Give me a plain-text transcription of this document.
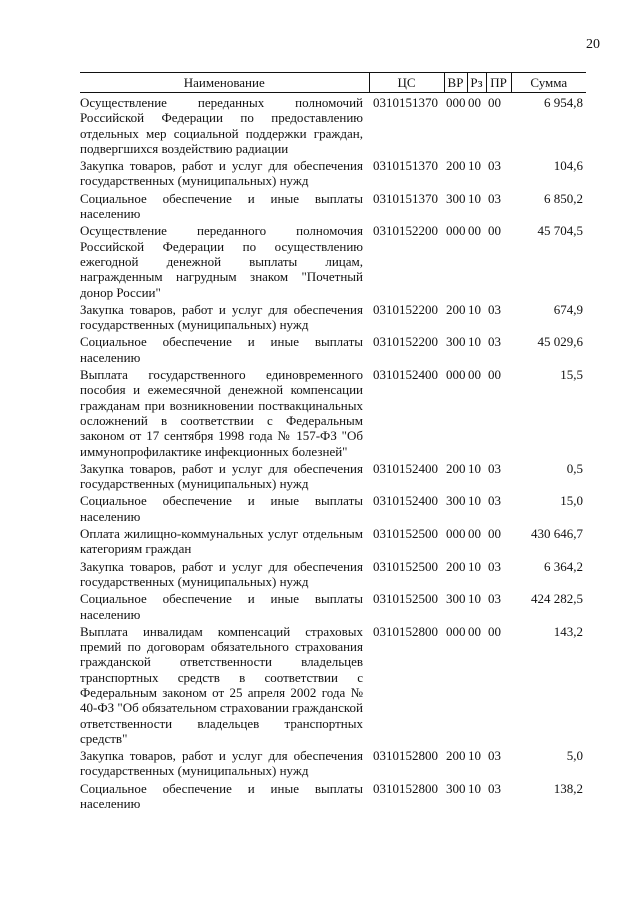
20
Наименование	ЦС	ВР	Рз	ПР	Сумма
Осуществление переданных полномочий Российской Федерации по предоставлению отдельных мер социальной поддержки граждан, подвергшихся воздействию радиации	0310151370	000	00	00	6 954,8
Закупка товаров, работ и услуг для обеспечения государственных (муниципальных) нужд	0310151370	200	10	03	104,6
Социальное обеспечение и иные выплаты населению	0310151370	300	10	03	6 850,2
Осуществление переданного полномочия Российской Федерации по осуществлению ежегодной денежной выплаты лицам, награжденным нагрудным знаком "Почетный донор России"	0310152200	000	00	00	45 704,5
Закупка товаров, работ и услуг для обеспечения государственных (муниципальных) нужд	0310152200	200	10	03	674,9
Социальное обеспечение и иные выплаты населению	0310152200	300	10	03	45 029,6
Выплата государственного единовременного пособия и ежемесячной денежной компенсации гражданам при возникновении поствакцинальных осложнений в соответствии с Федеральным законом от 17 сентября 1998 года № 157-ФЗ "Об иммунопрофилактике инфекционных болезней"	0310152400	000	00	00	15,5
Закупка товаров, работ и услуг для обеспечения государственных (муниципальных) нужд	0310152400	200	10	03	0,5
Социальное обеспечение и иные выплаты населению	0310152400	300	10	03	15,0
Оплата жилищно-коммунальных услуг отдельным категориям граждан	0310152500	000	00	00	430 646,7
Закупка товаров, работ и услуг для обеспечения государственных (муниципальных) нужд	0310152500	200	10	03	6 364,2
Социальное обеспечение и иные выплаты населению	0310152500	300	10	03	424 282,5
Выплата инвалидам компенсаций страховых премий по договорам обязательного страхования гражданской ответственности владельцев транспортных средств в соответствии с Федеральным законом от 25 апреля 2002 года № 40-ФЗ "Об обязательном страховании гражданской ответственности владельцев транспортных средств"	0310152800	000	00	00	143,2
Закупка товаров, работ и услуг для обеспечения государственных (муниципальных) нужд	0310152800	200	10	03	5,0
Социальное обеспечение и иные выплаты населению	0310152800	300	10	03	138,2
